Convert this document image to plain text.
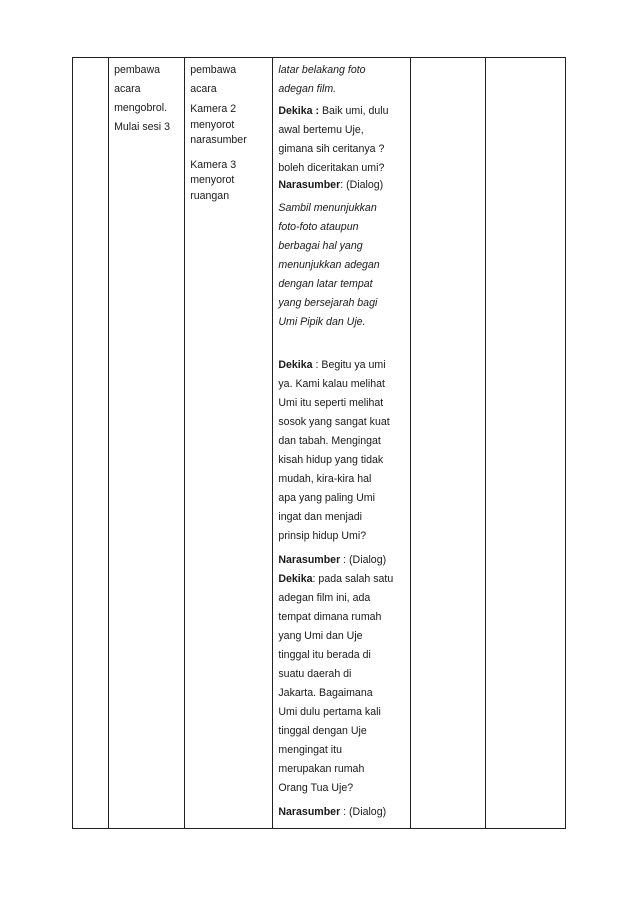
pembawa
acara
mengobrol.
Mulai sesi 3

pembawa
acara
Kamera 2
menyorot
narasumber
Kamera 3
menyorot
ruangan

latar belakang foto
adegan film.
Dekika : Baik umi, dulu
awal bertemu Uje,
gimana sih ceritanya ?
boleh diceritakan umi?
Narasumber: (Dialog)
Sambil menunjukkan
foto-foto ataupun
berbagai hal yang
menunjukkan adegan
dengan latar tempat
yang bersejarah bagi
Umi Pipik dan Uje.
Dekika : Begitu ya umi
ya. Kami kalau melihat
Umi itu seperti melihat
sosok yang sangat kuat
dan tabah. Mengingat
kisah hidup yang tidak
mudah, kira-kira hal
apa yang paling Umi
ingat dan menjadi
prinsip hidup Umi?
Narasumber : (Dialog)
Dekika: pada salah satu
adegan film ini, ada
tempat dimana rumah
yang Umi dan Uje
tinggal itu berada di
suatu daerah di
Jakarta. Bagaimana
Umi dulu pertama kali
tinggal dengan Uje
mengingat itu
merupakan rumah
Orang Tua Uje?
Narasumber : (Dialog)
